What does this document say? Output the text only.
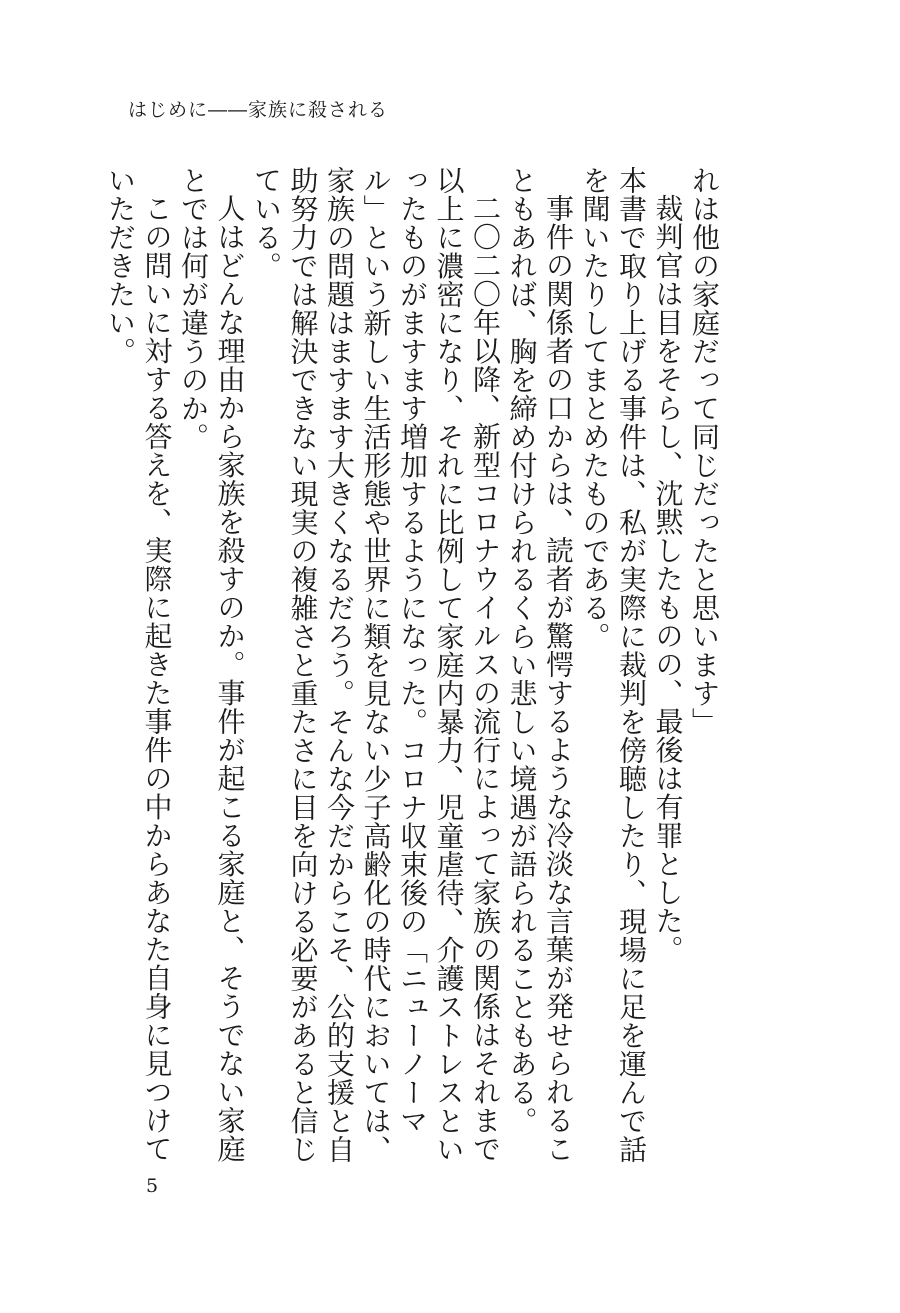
はじめに――家族に殺される

れは他の家庭だって同じだったと思います」

裁判官は目をそらし、沈黙したものの、最後は有罪とした。

本書で取り上げる事件は、私が実際に裁判を傍聴したり、現場に足を運んで話を聞いたりしてまとめたものである。

事件の関係者の口からは、読者が驚愕するような冷淡な言葉が発せられることもあれば、胸を締め付けられるくらい悲しい境遇が語られることもある。

二〇二〇年以降、新型コロナウイルスの流行によって家族の関係はそれまで以上に濃密になり、それに比例して家庭内暴力、児童虐待、介護ストレスといったものがますます増加するようになった。コロナ収束後の「ニューノーマル」という新しい生活形態や世界に類を見ない少子高齢化の時代においては、家族の問題はますます大きくなるだろう。そんな今だからこそ、公的支援と自助努力では解決できない現実の複雑さと重たさに目を向ける必要があると信じている。

人はどんな理由から家族を殺すのか。事件が起こる家庭と、そうでない家庭とでは何が違うのか。

この問いに対する答えを、実際に起きた事件の中からあなた自身に見つけていただきたい。

5
